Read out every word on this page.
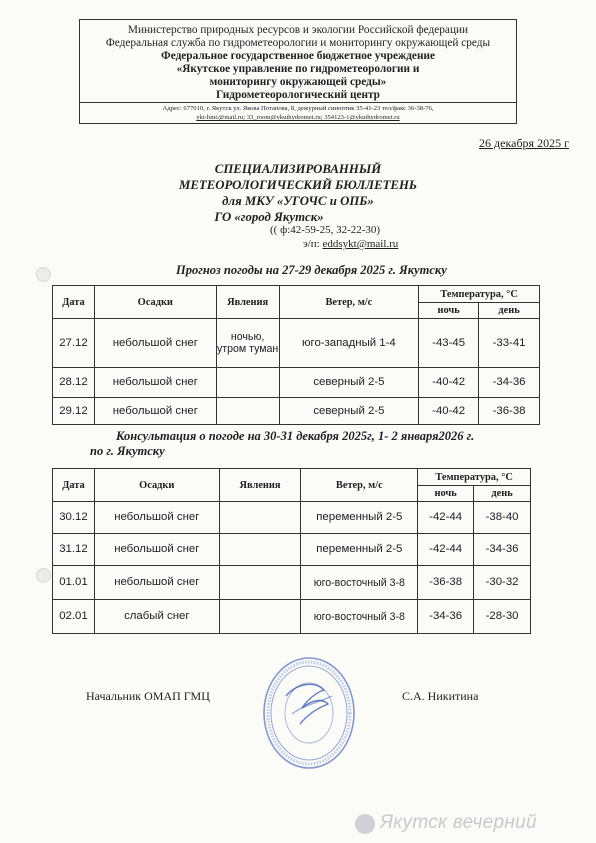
Министерство природных ресурсов и экологии Российской федерации
Федеральная служба по гидрометеорологии и мониторингу окружающей среды
Федеральное государственное бюджетное учреждение
«Якутское управление по гидрометеорологии и
мониторингу окружающей среды»
Гидрометеорологический центр
Адрес: 677010, г. Якутск ул. Якова Потапова, 8, дежурный синоптик 35-41-23 тел/факс 36-38-76,
ykt-hmc@mail.ru; 33_room@ykuthydromet.ru; 354123-1@ykuthydromet.ru
26 декабря 2025 г
СПЕЦИАЛИЗИРОВАННЫЙ
МЕТЕОРОЛОГИЧЕСКИЙ БЮЛЛЕТЕНЬ
для МКУ «УГОЧС и ОПБ»
ГО «город Якутск»
(( ф:42-59-25, 32-22-30)
э/п: eddsykt@mail.ru
Прогноз погоды на 27-29 декабря 2025 г. Якутску
Дата	Осадки	Явления	Ветер, м/с	Температура, °С	
				ночь	день
27.12	небольшой снег	ночью, утром туман	юго-западный 1-4	-43-45	-33-41
28.12	небольшой снег		северный 2-5	-40-42	-34-36
29.12	небольшой снег		северный 2-5	-40-42	-36-38
Консультация о погоде на 30-31 декабря 2025г, 1- 2 января2026 г.
по г. Якутску
Дата	Осадки	Явления	Ветер, м/с	Температура, °С	
				ночь	день
30.12	небольшой снег		переменный 2-5	-42-44	-38-40
31.12	небольшой снег		переменный 2-5	-42-44	-34-36
01.01	небольшой снег		юго-восточный 3-8	-36-38	-30-32
02.01	слабый снег		юго-восточный 3-8	-34-36	-28-30
Начальник ОМАП ГМЦ	С.А. Никитина
Якутск вечерний
